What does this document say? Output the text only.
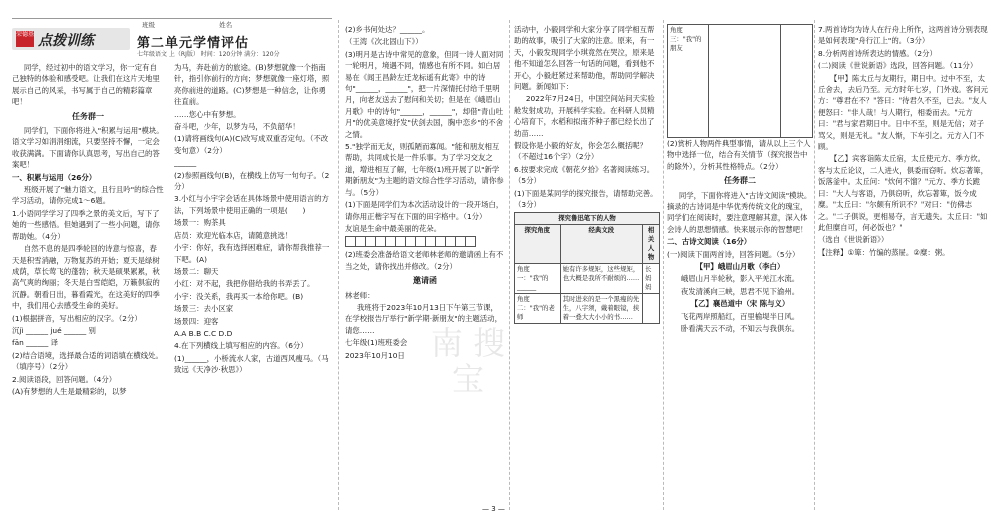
班级	姓名
荣德基 点拨训练	第二单元学情评估
七年级语文 上（RJ版） 时间：120分钟 满分：120分

同学，经过初中的语文学习，你一定有自己独特的体验和感受吧。让我们在这片天地里展示自己的风采，书写属于自己的精彩篇章吧！

任务群一

同学们，下面你将进入"积累与运用"模块。语文学习如涓涓细流，只要坚持不懈，一定会收获满满。下面请你认真思考，写出自己的答案吧！

一、积累与运用（26分）

班级开展了"魅力语文，且行且吟"的综合性学习活动，请你完成1～6题。

1.小语同学学习了四季之景的美文后，写下了她的一些感悟。但她遇到了一些小问题，请你帮助她。（4分）

自然不息的是四季轮回的诗意与惊喜，春天是积雪消融，万物复苏的开始；夏天是绿树成荫，草长莺飞的蓬勃；秋天是硕果累累，秋高气爽的绚丽；冬天是白雪皑皑，万籁俱寂的沉静。朝看日出，暮看霞光，在这美好的四季中，我们用心去感受生命的美好。

(1)根据拼音，写出相应的汉字。（2分）

沉jì ______ jué ______ 别

fān ______ 译

(2)结合语境，选择最合适的词语填在横线处。（填序号）（2分）

2.阅读语段，回答问题。（4分）

(A)有梦想的人生是最精彩的，以梦

为马，奔赴前方的旅途。(B)梦想就像一个指南针，指引你前行的方向；梦想就像一座灯塔，照亮你前进的道路。(C)梦想是一种信念，让你勇往直前。

……您心中有梦想。

奋斗吧，少年，以梦为马，不负韶华！

(1)请将画线句(A)(C)改写成双重否定句。（不改变句意）（2分）

______

(2)参照画线句(B)，在横线上仿写一句句子。（2分）

3.小红与小宇字会话在具体场景中使用语言的方法，下列场景中使用正确的一项是(　　)

场景一：购茶具

店员：欢迎光临本店，请随意挑选！

小宇：你好，我有选择困难症，请你帮我推荐一下吧。(A)

场景二：聊天

小红：对不起，我把你借给我的书弄丢了。

小宇：没关系，我再买一本给你吧。(B)

场景三：去小区家

场景四：迎客

A.A B.B C.C D.D

4.在下列横线上填写相应的内容。（6分）

(1)______，小桥流水人家，古道西风瘦马。（马致远《天净沙·秋思》）

(2)乡书何处达？______。

（王湾《次北固山下》）

(3)明月是古诗中常见的意象，但同一诗人面对同一轮明月，境遇不同，情感也有所不同。如白居易在《闻王昌龄左迁龙标遥有此寄》中的诗句"______，______"，把一片深情托付给千里明月，向老友送去了慰问和关切；但是在《峨眉山月歌》中的诗句"______，______"，却借"青山吐月"的优美意境抒发"伏剑去国，胸中恋乡"的不舍之情。

5."独学而无友，则孤陋而寡闻。"能和朋友相互帮助，共同成长是一件乐事。为了学习交友之道，增进相互了解，七年级(1)班开展了以"新学期新朋友"为主题的语文综合性学习活动，请你参与。（5分）

(1)下面是同学们为本次活动设计的一段开场白，请你用正楷字写在下面的田字格中。（1分）

友谊是生命中最美丽的花朵。

(2)班委会准备给语文老师林老师的邀请函上有不当之处，请你找出并修改。（2分）

邀请函

林老师：

我班将于2023年10月13日下午第三节课，在学校报告厅举行"新学期·新朋友"的主题活动，请您……

七年级(1)班班委会

2023年10月10日

活动中，小毅同学和大家分享了同学相互帮助的故事，吸引了大家的注意。原来，有一天，小毅发现同学小琪竟然在哭泣，原来是他不知道怎么回答一句话的问题，看到他不开心，小毅赶紧过来帮助他，帮助同学解决问题。新闻如下：

2022年7月24日，中国空间站问天实验舱发射成功，开展科学实验。在科研人员精心培育下，水稻和拟南芥种子都已经长出了幼苗……

假设你是小毅的好友，你会怎么概括呢？（不超过16个字）（2分）

6.按要求完成《朝花夕拾》名著阅读练习。（5分）

(1)下面是某同学的探究报告，请帮助完善。（3分）

探究鲁迅笔下的人物		
探究角度	经典文段	相关人物
角度一："我"的______	她有许多规矩，这些规矩，也大概是我所不耐烦的……	长妈妈
角度二："我"的老师	其时进来的是一个黑瘦的先生，八字须，戴着眼镜，挟着一叠大大小小的书……	
角度三："我"的朋友		

(2)赏析人物两件典型事情，请从以上三个人物中选择一位，结合有关情节（探究报告中的除外），分析其性格特点。（2分）

任务群二

同学，下面你将进入"古诗文阅读"模块。摘录的古诗词是中华优秀传统文化的瑰宝，同学们在阅读时，要注意理解其意，深入体会诗人的思想情感。快来展示你的智慧吧！

二、古诗文阅读（16分）

(一)阅读下面两首诗，回答问题。（5分）

【甲】峨眉山月歌（李白）

峨眉山月半轮秋，影入平羌江水流。

夜发清溪向三峡，思君不见下渝州。

【乙】襄邑道中（宋 陈与义）

飞花两岸照船红，百里榆堤半日风。

卧看满天云不动，不知云与我俱东。

7.两首诗均为诗人在行舟上所作，这两首诗分别表现是如何表现"舟行江上"的。（3分）

8.分析两首诗所表达的情感。（2分）

(二)阅读《世说新语》选段，回答问题。（11分）

【甲】陈太丘与友期行，期日中。过中不至，太丘舍去，去后乃至。元方时年七岁，门外戏。客问元方："尊君在不？"答曰："待君久不至，已去。"友人便怒曰："非人哉！与人期行，相委而去。"元方曰："君与家君期日中。日中不至，则是无信；对子骂父，则是无礼。"友人惭，下车引之。元方入门不顾。

【乙】宾客诣陈太丘宿，太丘使元方、季方炊。客与太丘论议，二人进火，俱委而窃听。炊忘著箄，饭落釜中。太丘问："炊何不馏？"元方、季方长跪曰："大人与客语，乃俱窃听，炊忘著箄，饭今成糜。"太丘曰："尔颇有所识不？"对曰："仿佛志之。"二子俱说，更相易夺，言无遗失。太丘曰："如此但糜自可，何必饭也？"

（选自《世说新语》）

【注释】①箄：竹编的蒸屉。②糜：粥。

南 搜 宝
— 3 —
